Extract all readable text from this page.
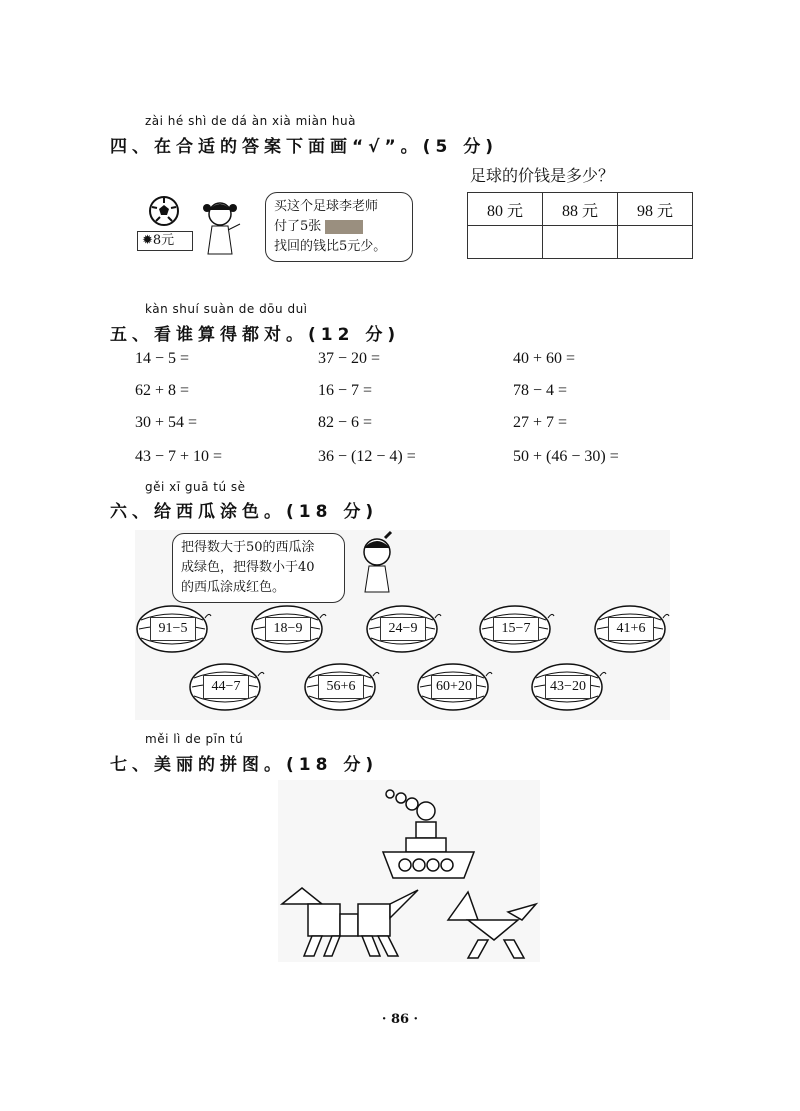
zài hé shì de dá àn xià miàn huà
四、在合适的答案下面画“√”。(5 分)
足球的价钱是多少？
✹8元
买这个足球李老师
付了5张
找回的钱比5元少。
80 元	88 元	98 元

kàn shuí suàn de dōu duì
五、看谁算得都对。(12 分)
14 − 5 =	37 − 20 =	40 + 60 =
62 + 8 =	16 − 7 =	78 − 4 =
30 + 54 =	82 − 6 =	27 + 7 =
43 − 7 + 10 =	36 − (12 − 4) =	50 + (46 − 30) =
gěi xī guā tú sè
六、给西瓜涂色。(18 分)
把得数大于50的西瓜涂
成绿色，把得数小于40
的西瓜涂成红色。
91−5	18−9	24−9	15−7	41+6
44−7	56+6	60+20	43−20
měi lì de pīn tú
七、美丽的拼图。(18 分)
· 86 ·
